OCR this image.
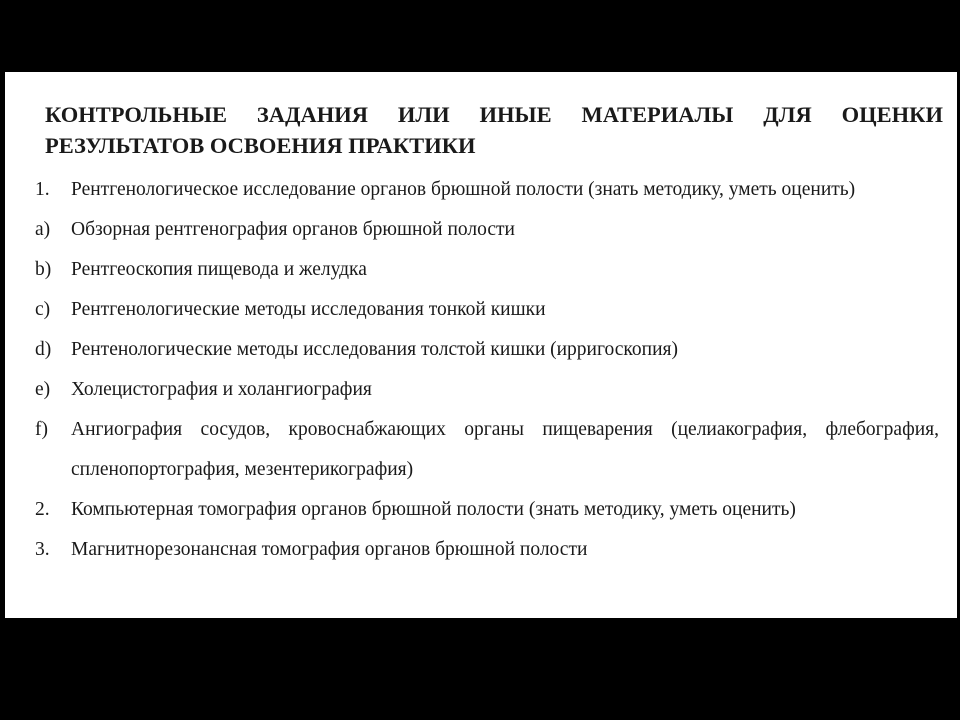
КОНТРОЛЬНЫЕ ЗАДАНИЯ ИЛИ ИНЫЕ МАТЕРИАЛЫ ДЛЯ ОЦЕНКИ РЕЗУЛЬТАТОВ ОСВОЕНИЯ ПРАКТИКИ
1.	Рентгенологическое исследование органов брюшной полости (знать методику, уметь оценить)
a)	Обзорная рентгенография органов брюшной полости
b)	Рентгеоскопия пищевода и желудка
c)	Рентгенологические методы исследования тонкой кишки
d)	Рентенологические методы исследования толстой кишки (ирригоскопия)
e)	Холецистография и холангиография
f)	Ангиография сосудов, кровоснабжающих органы пищеварения (целиакография, флебография, спленопортография, мезентерикография)
2.	Компьютерная томография органов брюшной полости (знать методику, уметь оценить)
3.	Магнитнорезонансная томография органов брюшной полости
